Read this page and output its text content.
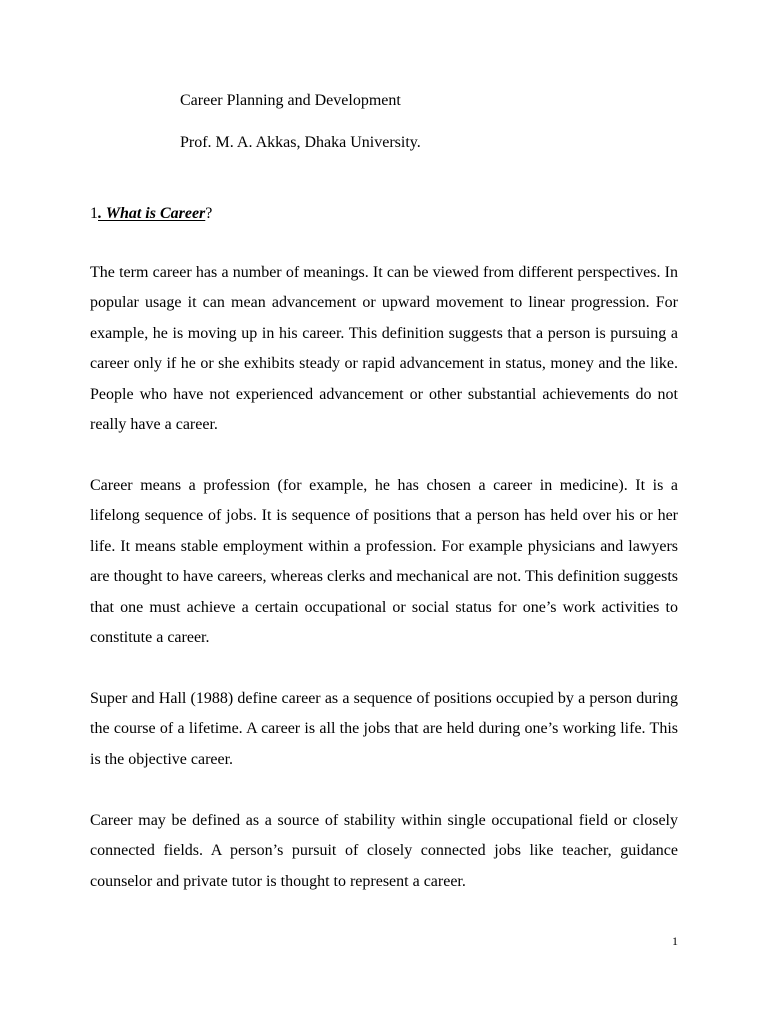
Career Planning and Development
Prof. M. A. Akkas, Dhaka University.
1. What is Career?

The term career has a number of meanings. It can be viewed from different perspectives. In popular usage it can mean advancement or upward movement to linear progression. For example, he is moving up in his career. This definition suggests that a person is pursuing a career only if he or she exhibits steady or rapid advancement in status, money and the like. People who have not experienced advancement or other substantial achievements do not really have a career.

Career means a profession (for example, he has chosen a career in medicine). It is a lifelong sequence of jobs. It is sequence of positions that a person has held over his or her life. It means stable employment within a profession. For example physicians and lawyers are thought to have careers, whereas clerks and mechanical are not. This definition suggests that one must achieve a certain occupational or social status for one’s work activities to constitute a career.

Super and Hall (1988) define career as a sequence of positions occupied by a person during the course of a lifetime. A career is all the jobs that are held during one’s working life. This is the objective career.

Career may be defined as a source of stability within single occupational field or closely connected fields. A person’s pursuit of closely connected jobs like teacher, guidance counselor and private tutor is thought to represent a career.

1
